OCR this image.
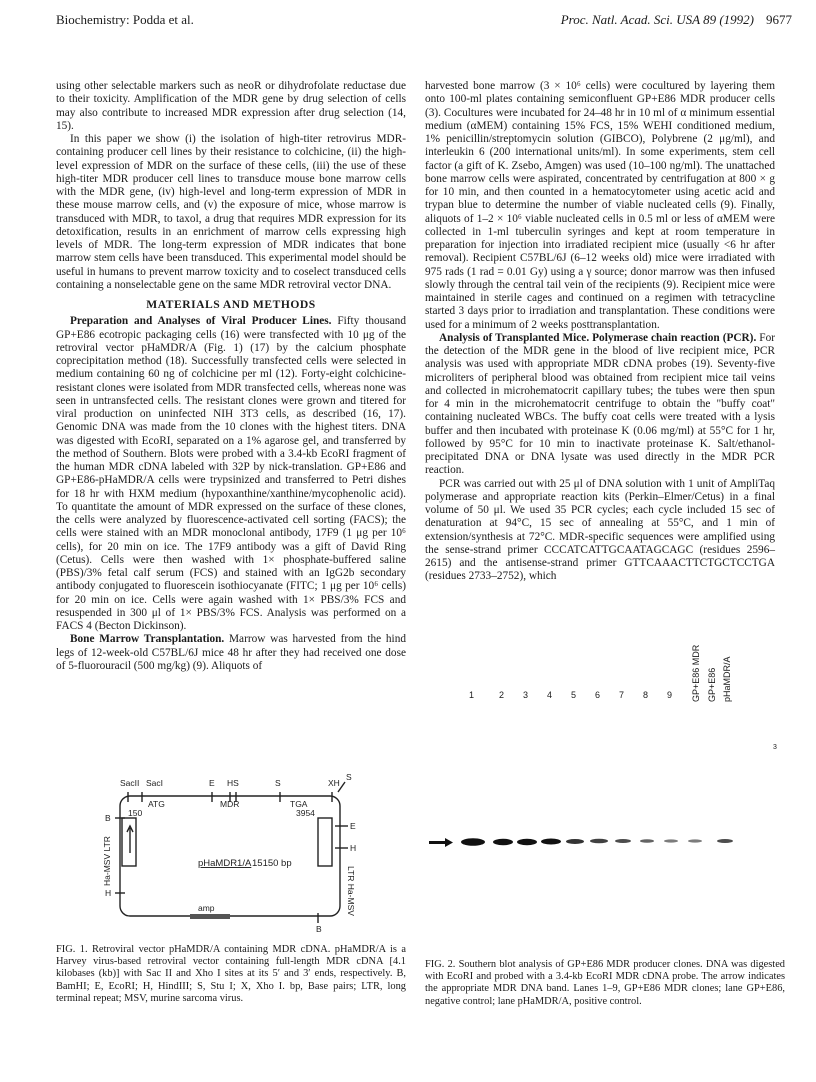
Biochemistry: Podda et al.	Proc. Natl. Acad. Sci. USA 89 (1992) 9677

using other selectable markers such as neoR or dihydrofolate reductase due to their toxicity. Amplification of the MDR gene by drug selection of cells may also contribute to increased MDR expression after drug selection (14, 15).

In this paper we show (i) the isolation of high-titer retrovirus MDR-containing producer cell lines by their resistance to colchicine, (ii) the high-level expression of MDR on the surface of these cells, (iii) the use of these high-titer MDR producer cell lines to transduce mouse bone marrow cells with the MDR gene, (iv) high-level and long-term expression of MDR in these mouse marrow cells, and (v) the exposure of mice, whose marrow is transduced with MDR, to taxol, a drug that requires MDR expression for its detoxification, results in an enrichment of marrow cells expressing high levels of MDR. The long-term expression of MDR indicates that bone marrow stem cells have been transduced. This experimental model should be useful in humans to prevent marrow toxicity and to coselect transduced cells containing a nonselectable gene on the same MDR retroviral vector DNA.

MATERIALS AND METHODS

Preparation and Analyses of Viral Producer Lines. Fifty thousand GP+E86 ecotropic packaging cells (16) were transfected with 10 μg of the retroviral vector pHaMDR/A (Fig. 1) (17) by the calcium phosphate coprecipitation method (18). Successfully transfected cells were selected in medium containing 60 ng of colchicine per ml (12). Forty-eight colchicine-resistant clones were isolated from MDR transfected cells, whereas none was seen in untransfected cells. The resistant clones were grown and titered for viral production on uninfected NIH 3T3 cells, as described (16, 17). Genomic DNA was made from the 10 clones with the highest titers. DNA was digested with EcoRI, separated on a 1% agarose gel, and transferred by the method of Southern. Blots were probed with a 3.4-kb EcoRI fragment of the human MDR cDNA labeled with 32P by nick-translation. GP+E86 and GP+E86-pHaMDR/A cells were trypsinized and transferred to Petri dishes for 18 hr with HXM medium (hypoxanthine/xanthine/mycophenolic acid). To quantitate the amount of MDR expressed on the surface of these clones, the cells were analyzed by fluorescence-activated cell sorting (FACS); the cells were stained with an MDR monoclonal antibody, 17F9 (1 μg per 10⁶ cells), for 20 min on ice. The 17F9 antibody was a gift of David Ring (Cetus). Cells were then washed with 1× phosphate-buffered saline (PBS)/3% fetal calf serum (FCS) and stained with an IgG2b secondary antibody conjugated to fluorescein isothiocyanate (FITC; 1 μg per 10⁶ cells) for 20 min on ice. Cells were again washed with 1× PBS/3% FCS and resuspended in 300 μl of 1× PBS/3% FCS. Analysis was performed on a FACS 4 (Becton Dickinson).

Bone Marrow Transplantation. Marrow was harvested from the hind legs of 12-week-old C57BL/6J mice 48 hr after they had received one dose of 5-fluorouracil (500 mg/kg) (9). Aliquots of

harvested bone marrow (3 × 10⁶ cells) were cocultured by layering them onto 100-ml plates containing semiconfluent GP+E86 MDR producer cells (3). Cocultures were incubated for 24–48 hr in 10 ml of α minimum essential medium (αMEM) containing 15% FCS, 15% WEHI conditioned medium, 1% penicillin/streptomycin solution (GIBCO), Polybrene (2 μg/ml), and interleukin 6 (200 international units/ml). In some experiments, stem cell factor (a gift of K. Zsebo, Amgen) was used (10–100 ng/ml). The unattached bone marrow cells were aspirated, concentrated by centrifugation at 800 × g for 10 min, and then counted in a hematocytometer using acetic acid and trypan blue to determine the number of viable nucleated cells (9). Finally, aliquots of 1–2 × 10⁶ viable nucleated cells in 0.5 ml or less of αMEM were collected in 1-ml tuberculin syringes and kept at room temperature in preparation for injection into irradiated recipient mice (usually <6 hr after removal). Recipient C57BL/6J (6–12 weeks old) mice were irradiated with 975 rads (1 rad = 0.01 Gy) using a γ source; donor marrow was then infused slowly through the central tail vein of the recipients (9). Recipient mice were maintained in sterile cages and continued on a regimen with tetracycline started 3 days prior to irradiation and transplantation. These conditions were used for a minimum of 2 weeks posttransplantation.

Analysis of Transplanted Mice. Polymerase chain reaction (PCR). For the detection of the MDR gene in the blood of live recipient mice, PCR analysis was used with appropriate MDR cDNA probes (19). Seventy-five microliters of peripheral blood was obtained from recipient mice tail veins and collected in microhematocrit capillary tubes; the tubes were then spun for 4 min in the microhematocrit centrifuge to obtain the "buffy coat" containing nucleated WBCs. The buffy coat cells were treated with a lysis buffer and then incubated with proteinase K (0.06 mg/ml) at 55°C for 1 hr, followed by 95°C for 10 min to inactivate proteinase K. Salt/ethanol-precipitated DNA or DNA lysate was used directly in the MDR PCR reaction.

PCR was carried out with 25 μl of DNA solution with 1 unit of AmpliTaq polymerase and appropriate reaction kits (Perkin–Elmer/Cetus) in a final volume of 50 μl. We used 35 PCR cycles; each cycle included 15 sec of denaturation at 94°C, 15 sec of annealing at 55°C, and 1 min of extension/synthesis at 72°C. MDR-specific sequences were amplified using the sense-strand primer CCCATCATTGCAATAGCAGC (residues 2596–2615) and the antisense-strand primer GTTCAAACTTCTGCTCCTGA (residues 2733–2752), which

SacII SacI	E HS	S	XH
S
ATG	MDR	TGA
150	3954
B
H
E
H
pHaMDR1/A 15150 bp
amp
B
Ha-MSV LTR
LTR Ha-MSV
FIG. 1. Retroviral vector pHaMDR/A containing MDR cDNA. pHaMDR/A is a Harvey virus-based retroviral vector containing full-length MDR cDNA [4.1 kilobases (kb)] with Sac II and Xho I sites at its 5′ and 3′ ends, respectively. B, BamHI; E, EcoRI; H, HindIII; S, Stu I; X, Xho I. bp, Base pairs; LTR, long terminal repeat; MSV, murine sarcoma virus.
1	2 3 4 5 6 7 8 9 GP+E86 MDR GP+E86 pHaMDR/A
3
FIG. 2. Southern blot analysis of GP+E86 MDR producer clones. DNA was digested with EcoRI and probed with a 3.4-kb EcoRI MDR cDNA probe. The arrow indicates the appropriate MDR DNA band. Lanes 1–9, GP+E86 MDR clones; lane GP+E86, negative control; lane pHaMDR/A, positive control.
